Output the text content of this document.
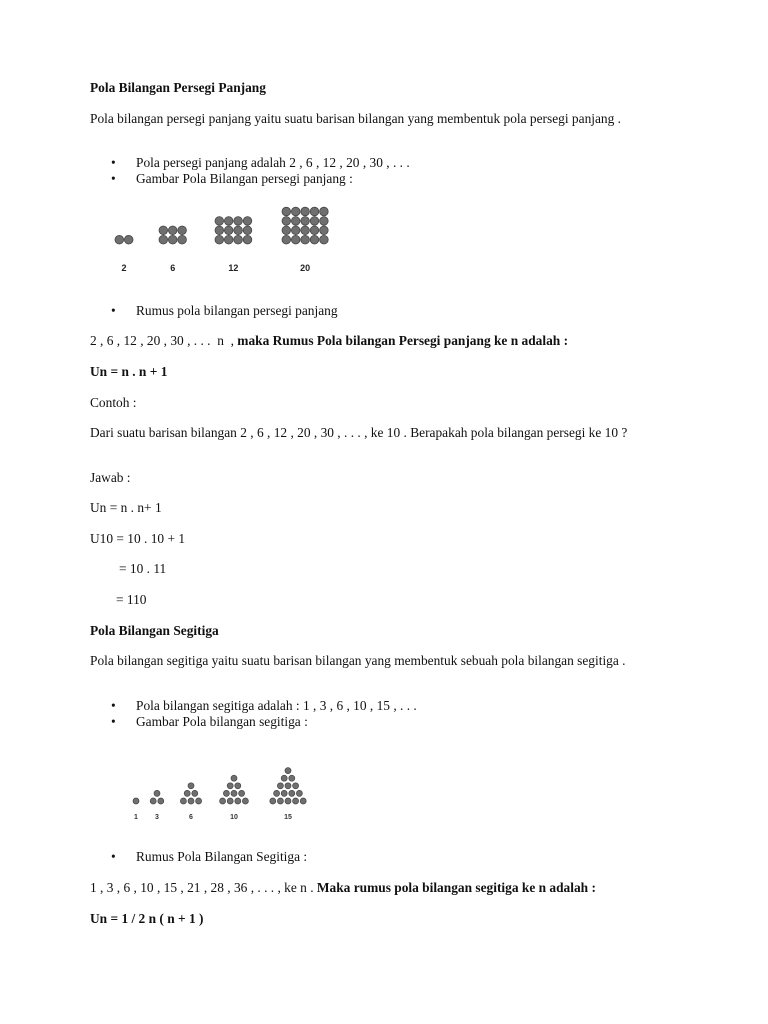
Pola Bilangan Persegi Panjang
Pola bilangan persegi panjang yaitu suatu barisan bilangan yang membentuk pola persegi panjang .
• Pola persegi panjang adalah 2 , 6 , 12 , 20 , 30 , . . .
• Gambar Pola Bilangan persegi panjang :
2	6	12	20
• Rumus pola bilangan persegi panjang
2 , 6 , 12 , 20 , 30 , . . .  n  , maka Rumus Pola bilangan Persegi panjang ke n adalah :
Un = n . n + 1
Contoh :
Dari suatu barisan bilangan 2 , 6 , 12 , 20 , 30 , . . . , ke 10 . Berapakah pola bilangan persegi ke 10 ?
Jawab :
Un = n . n+ 1
U10 = 10 . 10 + 1
= 10 . 11
= 110
Pola Bilangan Segitiga
Pola bilangan segitiga yaitu suatu barisan bilangan yang membentuk sebuah pola bilangan segitiga .
• Pola bilangan segitiga adalah : 1 , 3 , 6 , 10 , 15 , . . .
• Gambar Pola bilangan segitiga :
1 3	6	10	15
• Rumus Pola Bilangan Segitiga :
1 , 3 , 6 , 10 , 15 , 21 , 28 , 36 , . . . , ke n . Maka rumus pola bilangan segitiga ke n adalah :
Un = 1 / 2 n ( n + 1 )
